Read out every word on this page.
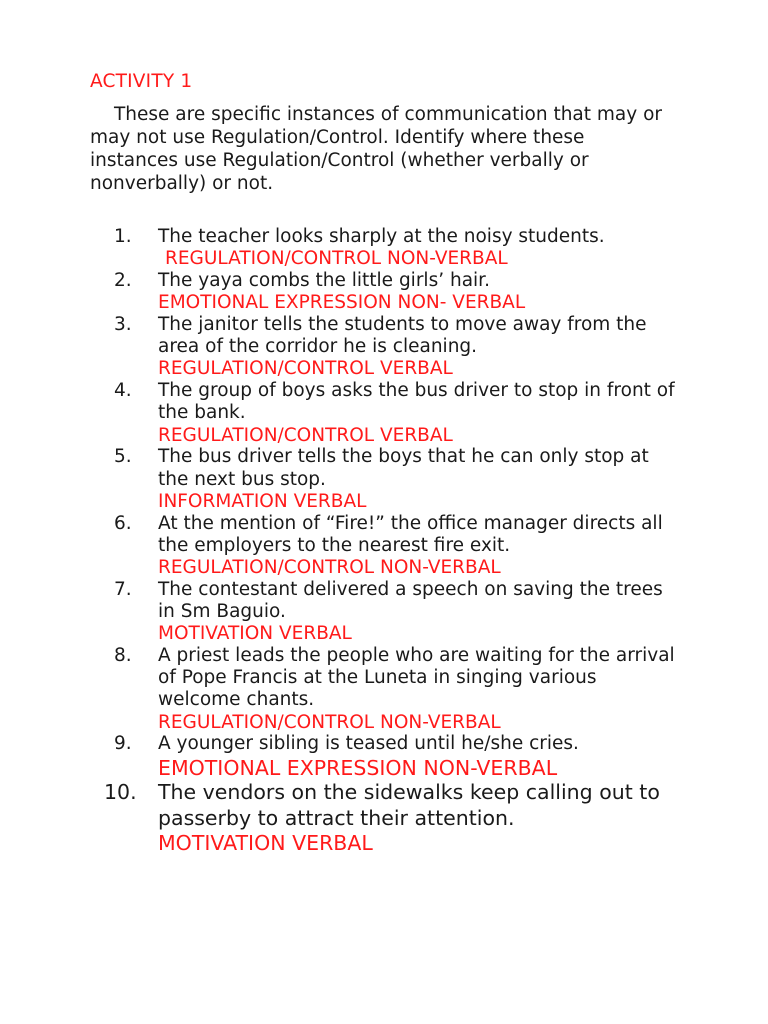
ACTIVITY 1

These are specific instances of communication that may or may not use Regulation/Control. Identify where these instances use Regulation/Control (whether verbally or nonverbally) or not.

1. The teacher looks sharply at the noisy students.
REGULATION/CONTROL NON-VERBAL
2. The yaya combs the little girls’ hair.
EMOTIONAL EXPRESSION NON- VERBAL
3. The janitor tells the students to move away from the area of the corridor he is cleaning.
REGULATION/CONTROL VERBAL
4. The group of boys asks the bus driver to stop in front of the bank.
REGULATION/CONTROL VERBAL
5. The bus driver tells the boys that he can only stop at the next bus stop.
INFORMATION VERBAL
6. At the mention of “Fire!” the office manager directs all the employers to the nearest fire exit.
REGULATION/CONTROL NON-VERBAL
7. The contestant delivered a speech on saving the trees in Sm Baguio.
MOTIVATION VERBAL
8. A priest leads the people who are waiting for the arrival of Pope Francis at the Luneta in singing various welcome chants.
REGULATION/CONTROL NON-VERBAL
9. A younger sibling is teased until he/she cries.
EMOTIONAL EXPRESSION NON-VERBAL
10. The vendors on the sidewalks keep calling out to passerby to attract their attention.
MOTIVATION VERBAL
